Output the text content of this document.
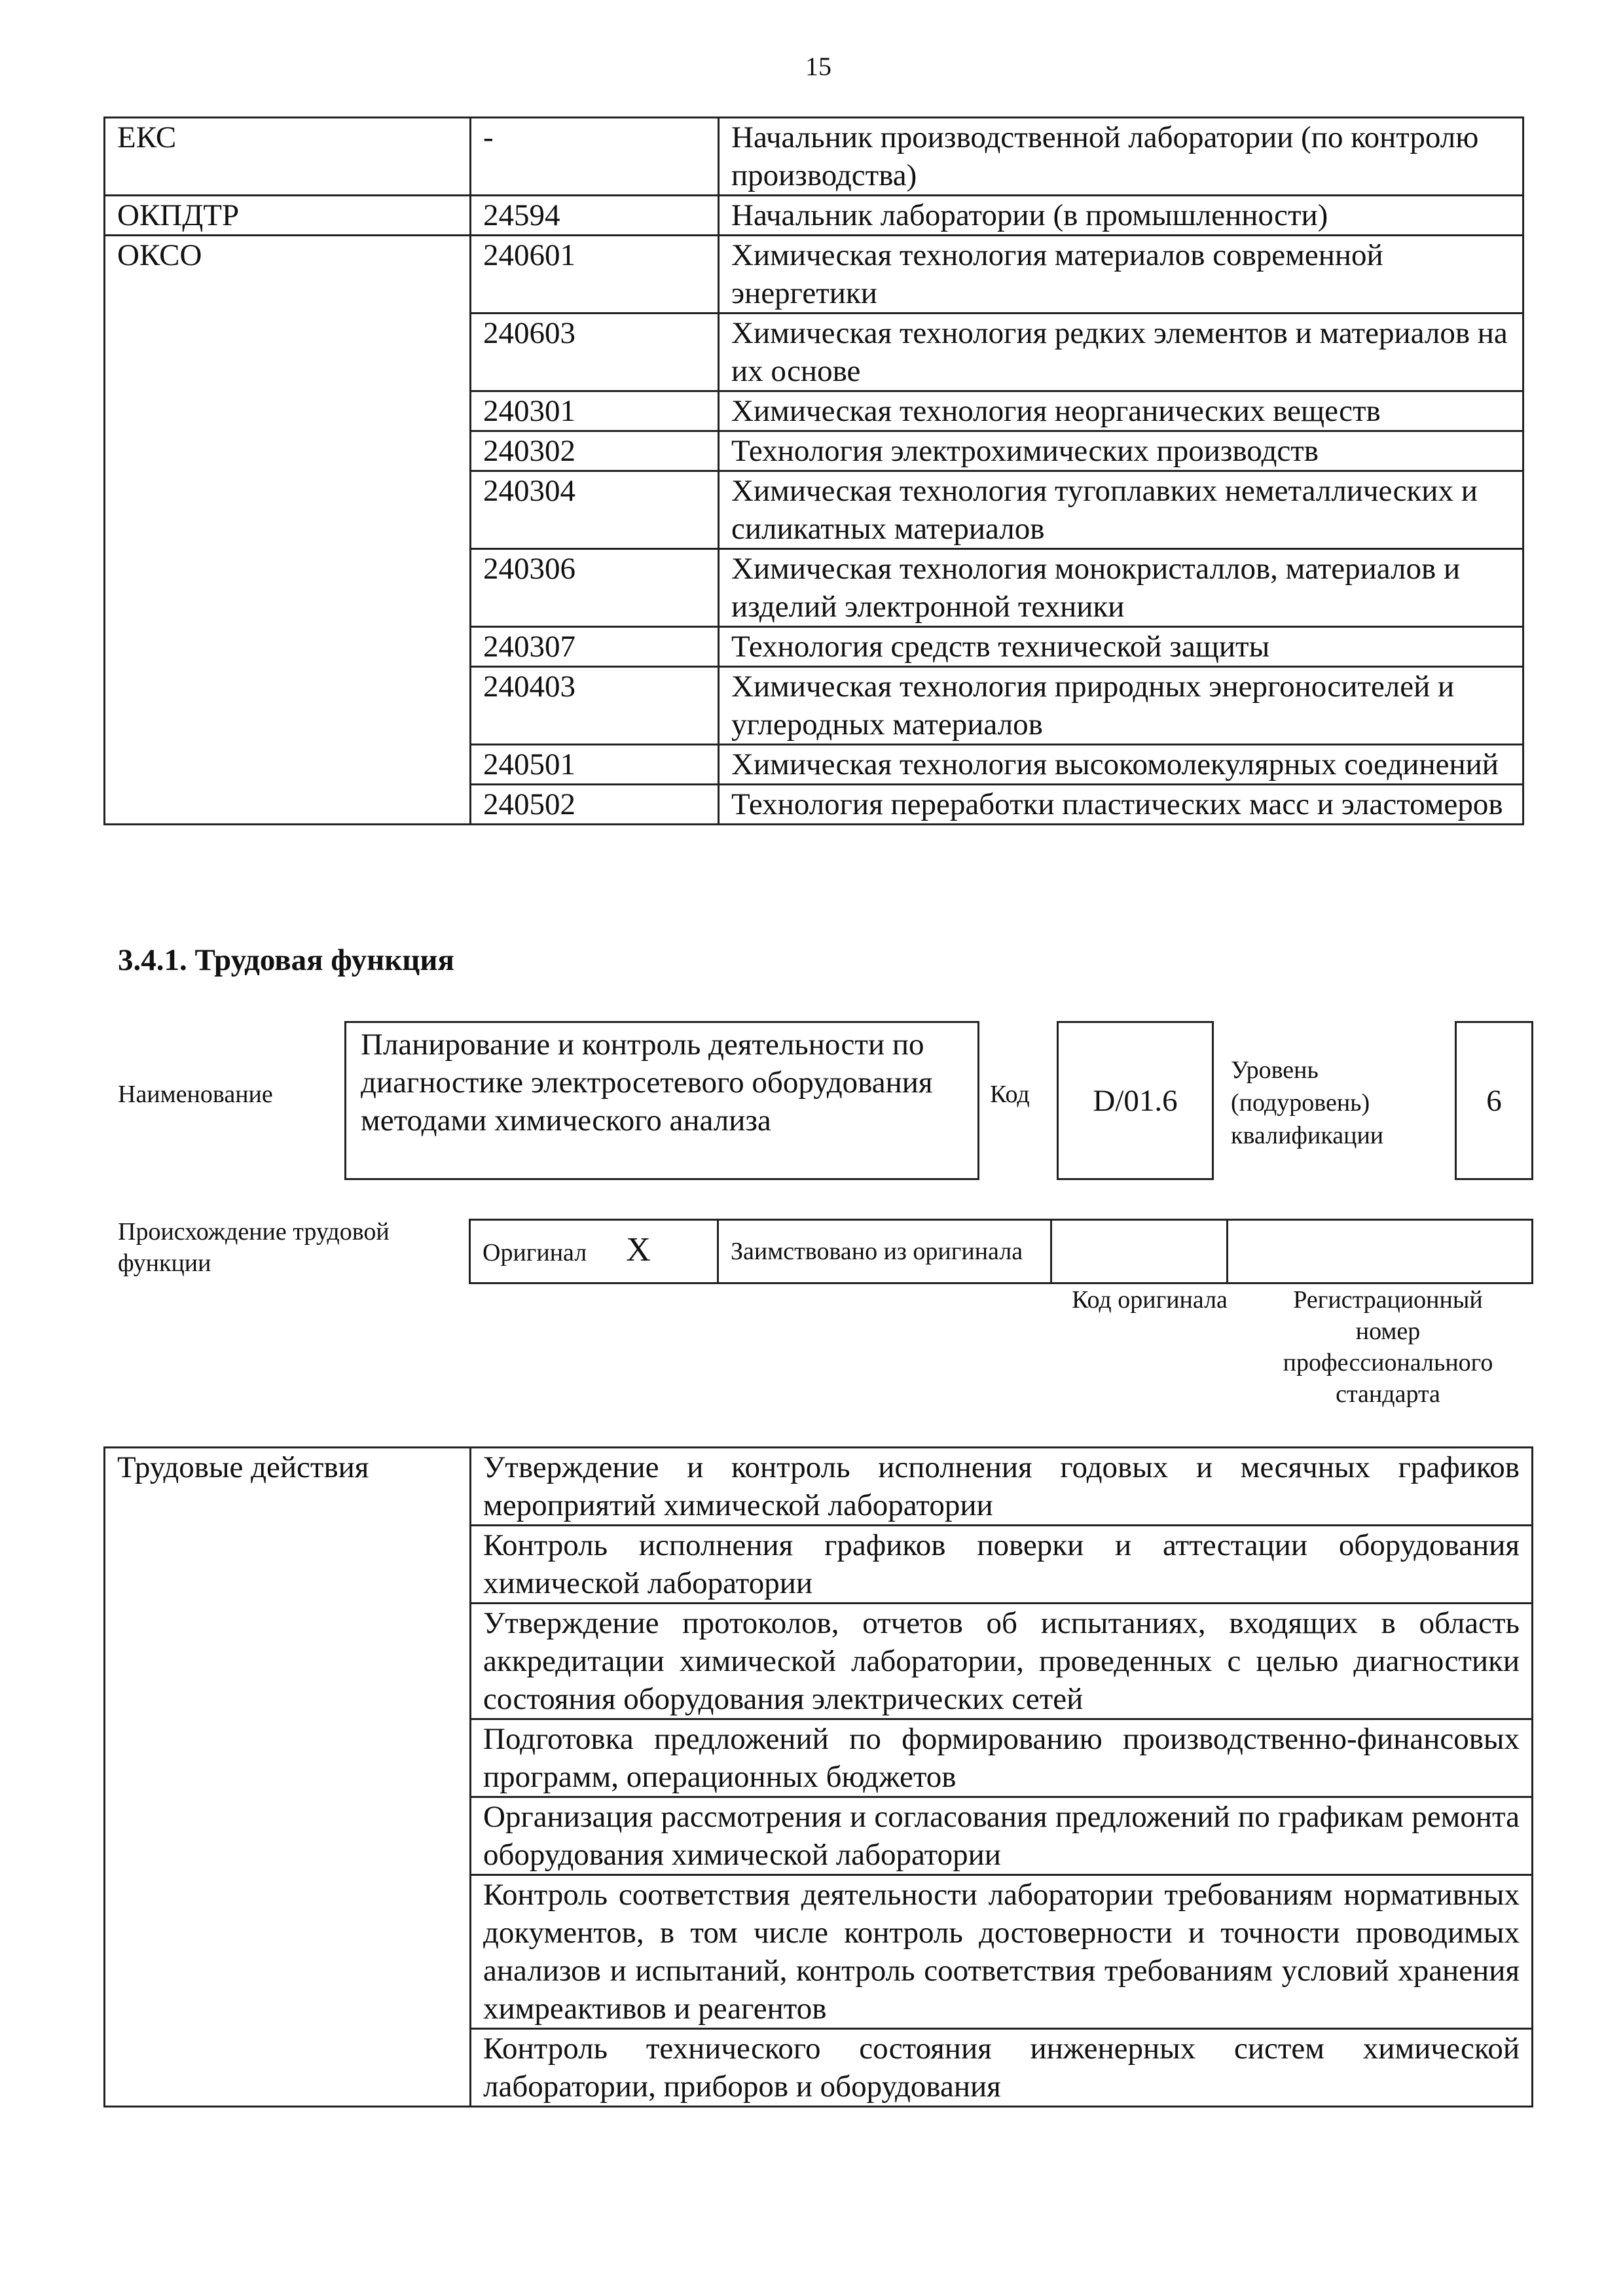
15
ЕКС	-	Начальник производственной лаборатории (по контролю производства)
ОКПДТР	24594	Начальник лаборатории (в промышленности)
ОКСО	240601	Химическая технология материалов современной энергетики
	240603	Химическая технология редких элементов и материалов на их основе
	240301	Химическая технология неорганических веществ
	240302	Технология электрохимических производств
	240304	Химическая технология тугоплавких неметаллических и силикатных материалов
	240306	Химическая технология монокристаллов, материалов и изделий электронной техники
	240307	Технология средств технической защиты
	240403	Химическая технология природных энергоносителей и углеродных материалов
	240501	Химическая технология высокомолекулярных соединений
	240502	Технология переработки пластических масс и эластомеров
3.4.1. Трудовая функция
Наименование
Планирование и контроль деятельности по диагностике электросетевого оборудования методами химического анализа
Код	D/01.6
Уровень (подуровень) квалификации
6
Происхождение трудовой функции	Оригинал X	Заимствовано из оригинала		
Код оригинала	Регистрационный номер профессионального стандарта
Трудовые действия	Утверждение и контроль исполнения годовых и месячных графиков мероприятий химической лаборатории
Контроль исполнения графиков поверки и аттестации оборудования химической лаборатории
Утверждение протоколов, отчетов об испытаниях, входящих в область аккредитации химической лаборатории, проведенных с целью диагностики состояния оборудования электрических сетей
Подготовка предложений по формированию производственно-финансовых программ, операционных бюджетов
Организация рассмотрения и согласования предложений по графикам ремонта оборудования химической лаборатории
Контроль соответствия деятельности лаборатории требованиям нормативных документов, в том числе контроль достоверности и точности проводимых анализов и испытаний, контроль соответствия требованиям условий хранения химреактивов и реагентов
Контроль технического состояния инженерных систем химической лаборатории, приборов и оборудования
